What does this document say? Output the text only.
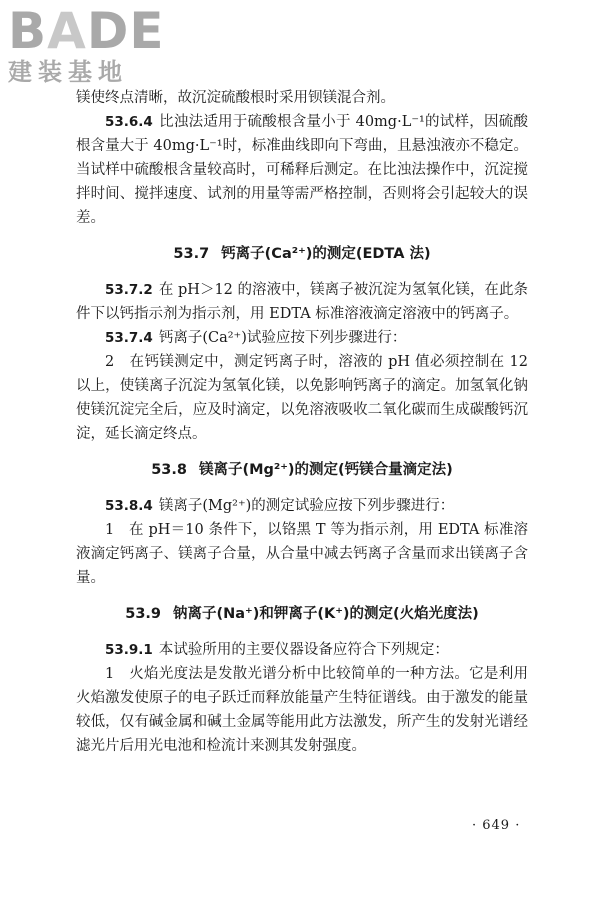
BADE
建装基地

镁使终点清晰，故沉淀硫酸根时采用钡镁混合剂。

53.6.4 比浊法适用于硫酸根含量小于 40mg·L⁻¹的试样，因硫酸根含量大于 40mg·L⁻¹时，标准曲线即向下弯曲，且悬浊液亦不稳定。当试样中硫酸根含量较高时，可稀释后测定。在比浊法操作中，沉淀搅拌时间、搅拌速度、试剂的用量等需严格控制，否则将会引起较大的误差。

53.7 钙离子(Ca²⁺)的测定(EDTA 法)

53.7.2 在 pH＞12 的溶液中，镁离子被沉淀为氢氧化镁，在此条件下以钙指示剂为指示剂，用 EDTA 标准溶液滴定溶液中的钙离子。

53.7.4 钙离子(Ca²⁺)试验应按下列步骤进行：

2　在钙镁测定中，测定钙离子时，溶液的 pH 值必须控制在 12 以上，使镁离子沉淀为氢氧化镁，以免影响钙离子的滴定。加氢氧化钠使镁沉淀完全后，应及时滴定，以免溶液吸收二氧化碳而生成碳酸钙沉淀，延长滴定终点。

53.8 镁离子(Mg²⁺)的测定(钙镁合量滴定法)

53.8.4 镁离子(Mg²⁺)的测定试验应按下列步骤进行：

1　在 pH＝10 条件下，以铬黑 T 等为指示剂，用 EDTA 标准溶液滴定钙离子、镁离子合量，从合量中减去钙离子含量而求出镁离子含量。

53.9 钠离子(Na⁺)和钾离子(K⁺)的测定(火焰光度法)

53.9.1 本试验所用的主要仪器设备应符合下列规定：

1　火焰光度法是发散光谱分析中比较简单的一种方法。它是利用火焰激发使原子的电子跃迁而释放能量产生特征谱线。由于激发的能量较低，仅有碱金属和碱土金属等能用此方法激发，所产生的发射光谱经滤光片后用光电池和检流计来测其发射强度。

· 649 ·
